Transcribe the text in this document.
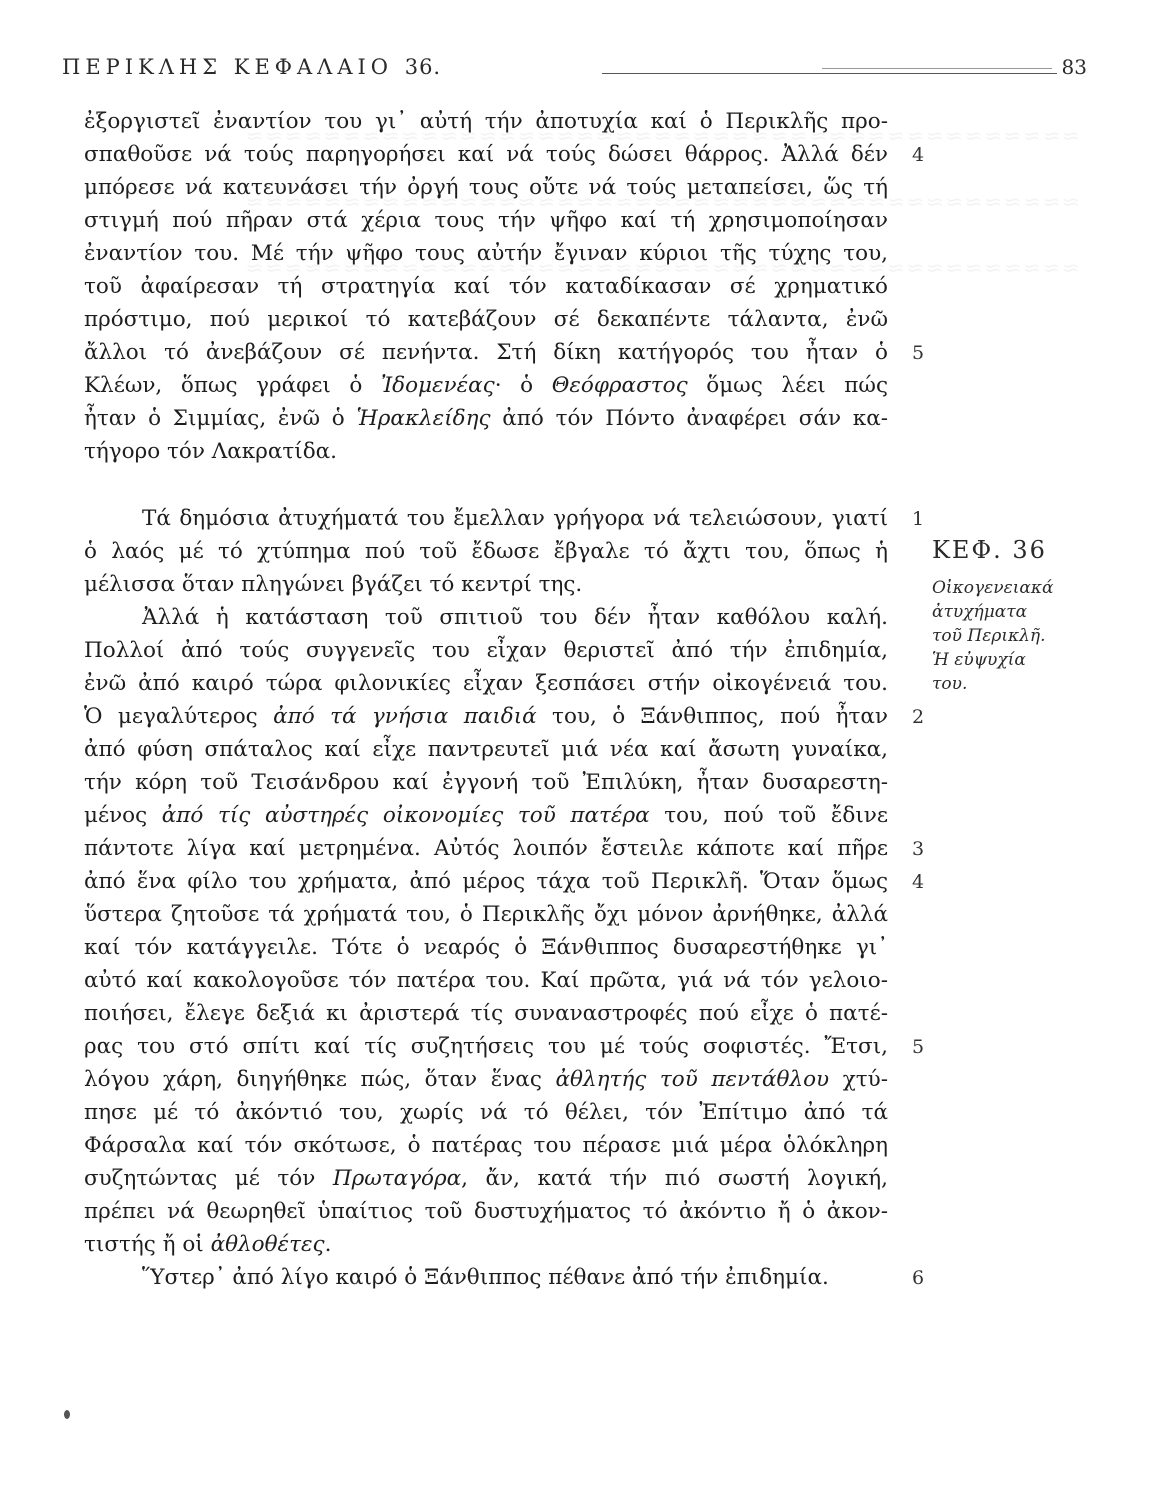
ΠΕΡΙΚΛΗΣ ΚΕΦΑΛΑΙΟ 36.	83
ἐξοργιστεῖ ἐναντίον του γι᾽ αὐτή τήν ἀποτυχία καί ὁ Περικλῆς προ-
σπαθοῦσε νά τούς παρηγορήσει καί νά τούς δώσει θάρρος. Ἀλλά δέν
μπόρεσε νά κατευνάσει τήν ὀργή τους οὔτε νά τούς μεταπείσει, ὥς τή
στιγμή πού πῆραν στά χέρια τους τήν ψῆφο καί τή χρησιμοποίησαν
ἐναντίον του. Μέ τήν ψῆφο τους αὐτήν ἔγιναν κύριοι τῆς τύχης του,
τοῦ ἀφαίρεσαν τή στρατηγία καί τόν καταδίκασαν σέ χρηματικό
πρόστιμο, πού μερικοί τό κατεβάζουν σέ δεκαπέντε τάλαντα, ἐνῶ
ἄλλοι τό ἀνεβάζουν σέ πενήντα. Στή δίκη κατήγορός του ἦταν ὁ
Κλέων, ὅπως γράφει ὁ Ἰδομενέας· ὁ Θεόφραστος ὅμως λέει πώς
ἦταν ὁ Σιμμίας, ἐνῶ ὁ Ἡρακλείδης ἀπό τόν Πόντο ἀναφέρει σάν κα-
τήγορο τόν Λακρατίδα.
Τά δημόσια ἀτυχήματά του ἔμελλαν γρήγορα νά τελειώσουν, γιατί
ὁ λαός μέ τό χτύπημα πού τοῦ ἔδωσε ἔβγαλε τό ἄχτι του, ὅπως ἡ
μέλισσα ὅταν πληγώνει βγάζει τό κεντρί της.
Ἀλλά ἡ κατάσταση τοῦ σπιτιοῦ του δέν ἦταν καθόλου καλή.
Πολλοί ἀπό τούς συγγενεῖς του εἶχαν θεριστεῖ ἀπό τήν ἐπιδημία,
ἐνῶ ἀπό καιρό τώρα φιλονικίες εἶχαν ξεσπάσει στήν οἰκογένειά του.
Ὁ μεγαλύτερος ἀπό τά γνήσια παιδιά του, ὁ Ξάνθιππος, πού ἦταν
ἀπό φύση σπάταλος καί εἶχε παντρευτεῖ μιά νέα καί ἄσωτη γυναίκα,
τήν κόρη τοῦ Τεισάνδρου καί ἐγγονή τοῦ Ἐπιλύκη, ἦταν δυσαρεστη-
μένος ἀπό τίς αὐστηρές οἰκονομίες τοῦ πατέρα του, πού τοῦ ἔδινε
πάντοτε λίγα καί μετρημένα. Αὐτός λοιπόν ἔστειλε κάποτε καί πῆρε
ἀπό ἕνα φίλο του χρήματα, ἀπό μέρος τάχα τοῦ Περικλῆ. Ὅταν ὅμως
ὕστερα ζητοῦσε τά χρήματά του, ὁ Περικλῆς ὄχι μόνον ἀρνήθηκε, ἀλλά
καί τόν κατάγγειλε. Τότε ὁ νεαρός ὁ Ξάνθιππος δυσαρεστήθηκε γι᾽
αὐτό καί κακολογοῦσε τόν πατέρα του. Καί πρῶτα, γιά νά τόν γελοιο-
ποιήσει, ἔλεγε δεξιά κι ἀριστερά τίς συναναστροφές πού εἶχε ὁ πατέ-
ρας του στό σπίτι καί τίς συζητήσεις του μέ τούς σοφιστές. Ἔτσι,
λόγου χάρη, διηγήθηκε πώς, ὅταν ἕνας ἀθλητής τοῦ πεντάθλου χτύ-
πησε μέ τό ἀκόντιό του, χωρίς νά τό θέλει, τόν Ἐπίτιμο ἀπό τά
Φάρσαλα καί τόν σκότωσε, ὁ πατέρας του πέρασε μιά μέρα ὁλόκληρη
συζητώντας μέ τόν Πρωταγόρα, ἄν, κατά τήν πιό σωστή λογική,
πρέπει νά θεωρηθεῖ ὑπαίτιος τοῦ δυστυχήματος τό ἀκόντιο ἤ ὁ ἀκον-
τιστής ἤ οἱ ἀθλοθέτες.
Ὕστερ᾽ ἀπό λίγο καιρό ὁ Ξάνθιππος πέθανε ἀπό τήν ἐπιδημία.
4
5
1
2
3
4
5
6
ΚΕΦ. 36
Οἰκογενειακά
ἀτυχήματα
τοῦ Περικλῆ.
Ἡ εὐψυχία
του.
